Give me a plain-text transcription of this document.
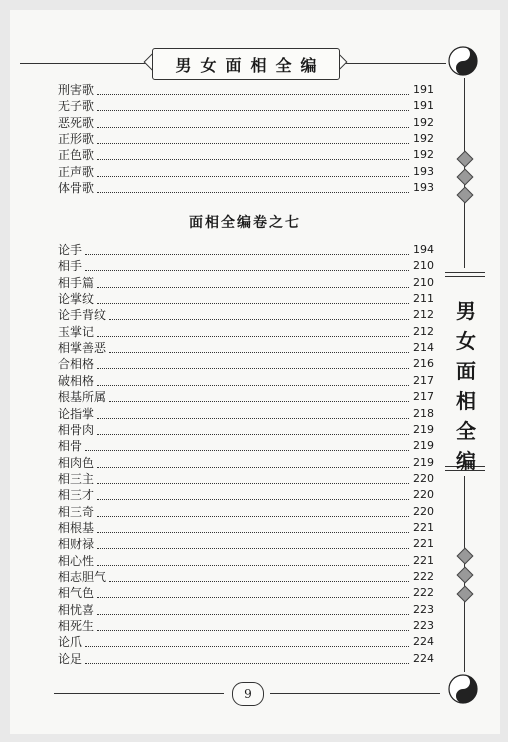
男女面相全编
男
女
面
相
全
编
刑害歌	191
无子歌	191
恶死歌	192
正形歌	192
正色歌	192
正声歌	193
体骨歌	193
论手	194
相手	210
相手篇	210
论掌纹	211
论手背纹	212
玉掌记	212
相掌善恶	214
合相格	216
破相格	217
根基所属	217
论指掌	218
相骨肉	219
相骨	219
相肉色	219
相三主	220
相三才	220
相三奇	220
相根基	221
相财禄	221
相心性	221
相志胆气	222
相气色	222
相忧喜	223
相死生	223
论爪	224
论足	224
面相全编卷之七
9
